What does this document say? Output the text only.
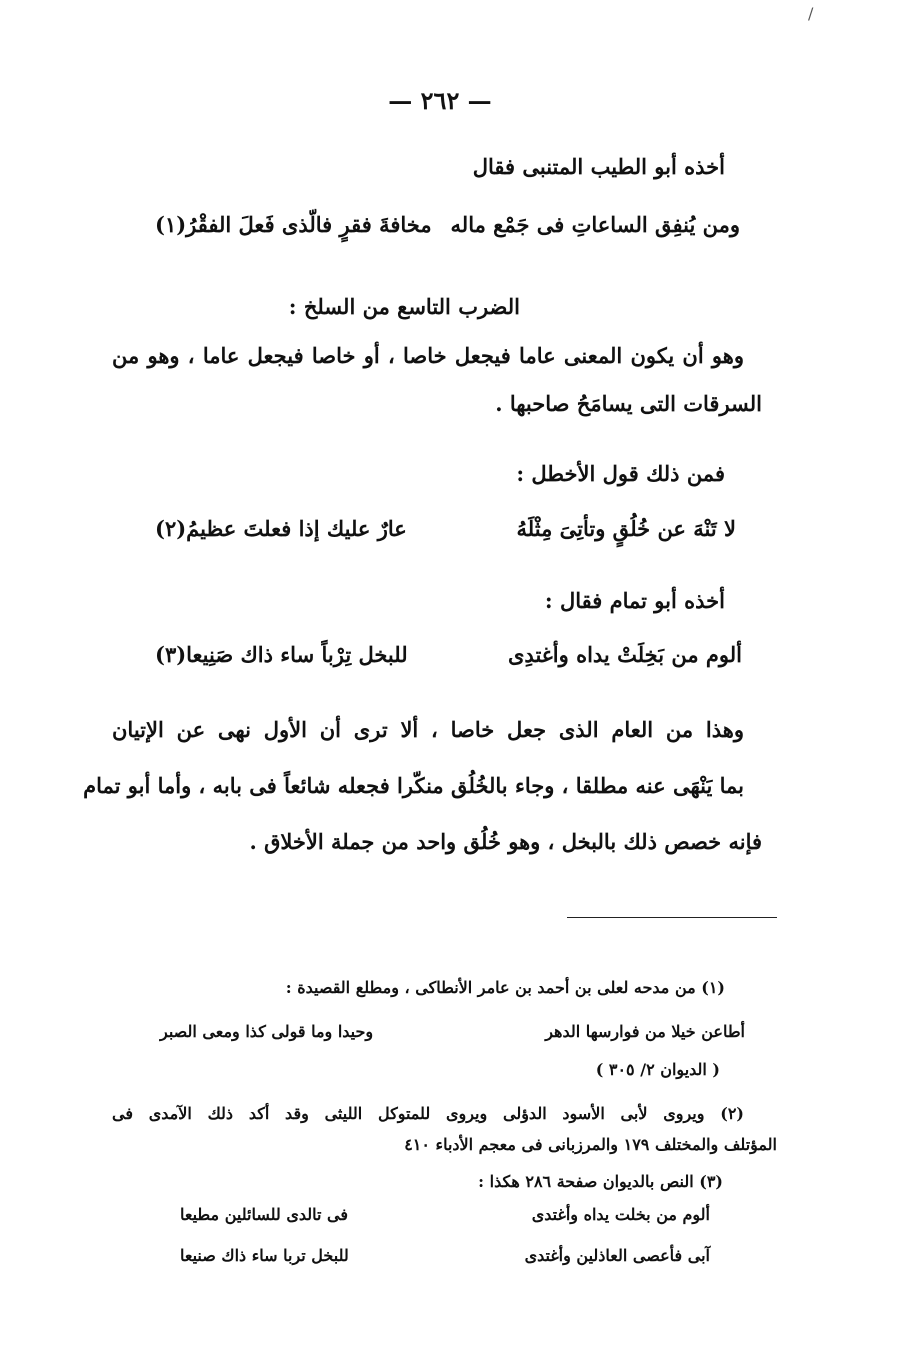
— ٢٦٢ —
أخذه أبو الطيب المتنبى فقال
ومن يُنفِق الساعاتِ فى جَمْع ماله
مخافةَ فقرٍ فالّذى فَعلَ الفقْرُ(١)
الضرب التاسع من السلخ :
وهو أن يكون المعنى عاما فيجعل خاصا ، أو خاصا فيجعل عاما ، وهو من
السرقات التى يسامَحُ صاحبها .
فمن ذلك قول الأخطل :
لا تَنْهَ عن خُلُقٍ وتأتِىَ مِثْلَهُ
عارٌ عليك إذا فعلتَ عظيمُ(٢)
أخذه أبو تمام فقال :
ألوم من بَخِلَتْ يداه وأغتدِى
للبخل تِرْباً ساء ذاك صَنِيعا(٣)
وهذا من العام الذى جعل خاصا ، ألا ترى أن الأول نهى عن الإتيان
بما يَنْهَى عنه مطلقا ، وجاء بالخُلُق منكّرا فجعله شائعاً فى بابه ، وأما أبو تمام
فإنه خصص ذلك بالبخل ، وهو خُلُق واحد من جملة الأخلاق .
(١) من مدحه لعلى بن أحمد بن عامر الأنطاكى ، ومطلع القصيدة :
أطاعن خيلا من فوارسها الدهر
وحيدا وما قولى كذا ومعى الصبر
( الديوان ٢/ ٣٠٥ )
(٢) ويروى لأبى الأسود الدؤلى ويروى للمتوكل الليثى وقد أكد ذلك الآمدى فى
المؤتلف والمختلف ١٧٩ والمرزبانى فى معجم الأدباء ٤١٠
(٣) النص بالديوان صفحة ٢٨٦ هكذا :
ألوم من بخلت يداه وأغتدى
فى تالدى للسائلين مطيعا
آبى فأعصى العاذلين وأغتدى
للبخل تربا ساء ذاك صنيعا
/
